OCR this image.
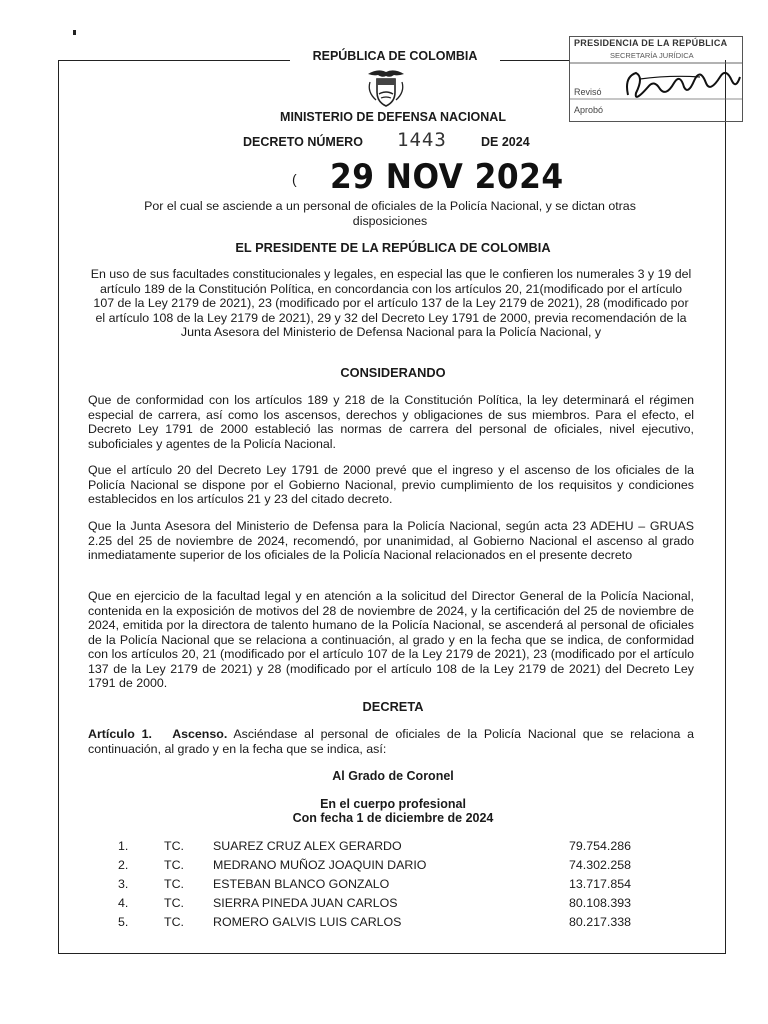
REPÚBLICA DE COLOMBIA
PRESIDENCIA DE LA REPÚBLICA
SECRETARÍA JURÍDICA
Revisó
Aprobó
MINISTERIO DE DEFENSA NACIONAL
DECRETO NÚMERO 1443	DE 2024
( 29 NOV 2024
Por el cual se asciende a un personal de oficiales de la Policía Nacional, y se dictan otras disposiciones
EL PRESIDENTE DE LA REPÚBLICA DE COLOMBIA
En uso de sus facultades constitucionales y legales, en especial las que le confieren los numerales 3 y 19 del artículo 189 de la Constitución Política, en concordancia con los artículos 20, 21(modificado por el artículo 107 de la Ley 2179 de 2021), 23 (modificado por el artículo 137 de la Ley 2179 de 2021), 28 (modificado por el artículo 108 de la Ley 2179 de 2021), 29 y 32 del Decreto Ley 1791 de 2000, previa recomendación de la Junta Asesora del Ministerio de Defensa Nacional para la Policía Nacional, y
CONSIDERANDO
Que de conformidad con los artículos 189 y 218 de la Constitución Política, la ley determinará el régimen especial de carrera, así como los ascensos, derechos y obligaciones de sus miembros. Para el efecto, el Decreto Ley 1791 de 2000 estableció las normas de carrera del personal de oficiales, nivel ejecutivo, suboficiales y agentes de la Policía Nacional.
Que el artículo 20 del Decreto Ley 1791 de 2000 prevé que el ingreso y el ascenso de los oficiales de la Policía Nacional se dispone por el Gobierno Nacional, previo cumplimiento de los requisitos y condiciones establecidos en los artículos 21 y 23 del citado decreto.
Que la Junta Asesora del Ministerio de Defensa para la Policía Nacional, según acta 23 ADEHU – GRUAS 2.25 del 25 de noviembre de 2024, recomendó, por unanimidad, al Gobierno Nacional el ascenso al grado inmediatamente superior de los oficiales de la Policía Nacional relacionados en el presente decreto
Que en ejercicio de la facultad legal y en atención a la solicitud del Director General de la Policía Nacional, contenida en la exposición de motivos del 28 de noviembre de 2024, y la certificación del 25 de noviembre de 2024, emitida por la directora de talento humano de la Policía Nacional, se ascenderá al personal de oficiales de la Policía Nacional que se relaciona a continuación, al grado y en la fecha que se indica, de conformidad con los artículos 20, 21 (modificado por el artículo 107 de la Ley 2179 de 2021), 23 (modificado por el artículo 137 de la Ley 2179 de 2021) y 28 (modificado por el artículo 108 de la Ley 2179 de 2021) del Decreto Ley 1791 de 2000.
DECRETA
Artículo 1. Ascenso. Asciéndase al personal de oficiales de la Policía Nacional que se relaciona a continuación, al grado y en la fecha que se indica, así:
Al Grado de Coronel
En el cuerpo profesional
Con fecha 1 de diciembre de 2024
1.	TC. SUAREZ CRUZ ALEX GERARDO	79.754.286
2.	TC. MEDRANO MUÑOZ JOAQUIN DARIO	74.302.258
3.	TC. ESTEBAN BLANCO GONZALO	13.717.854
4.	TC. SIERRA PINEDA JUAN CARLOS	80.108.393
5.	TC. ROMERO GALVIS LUIS CARLOS	80.217.338
